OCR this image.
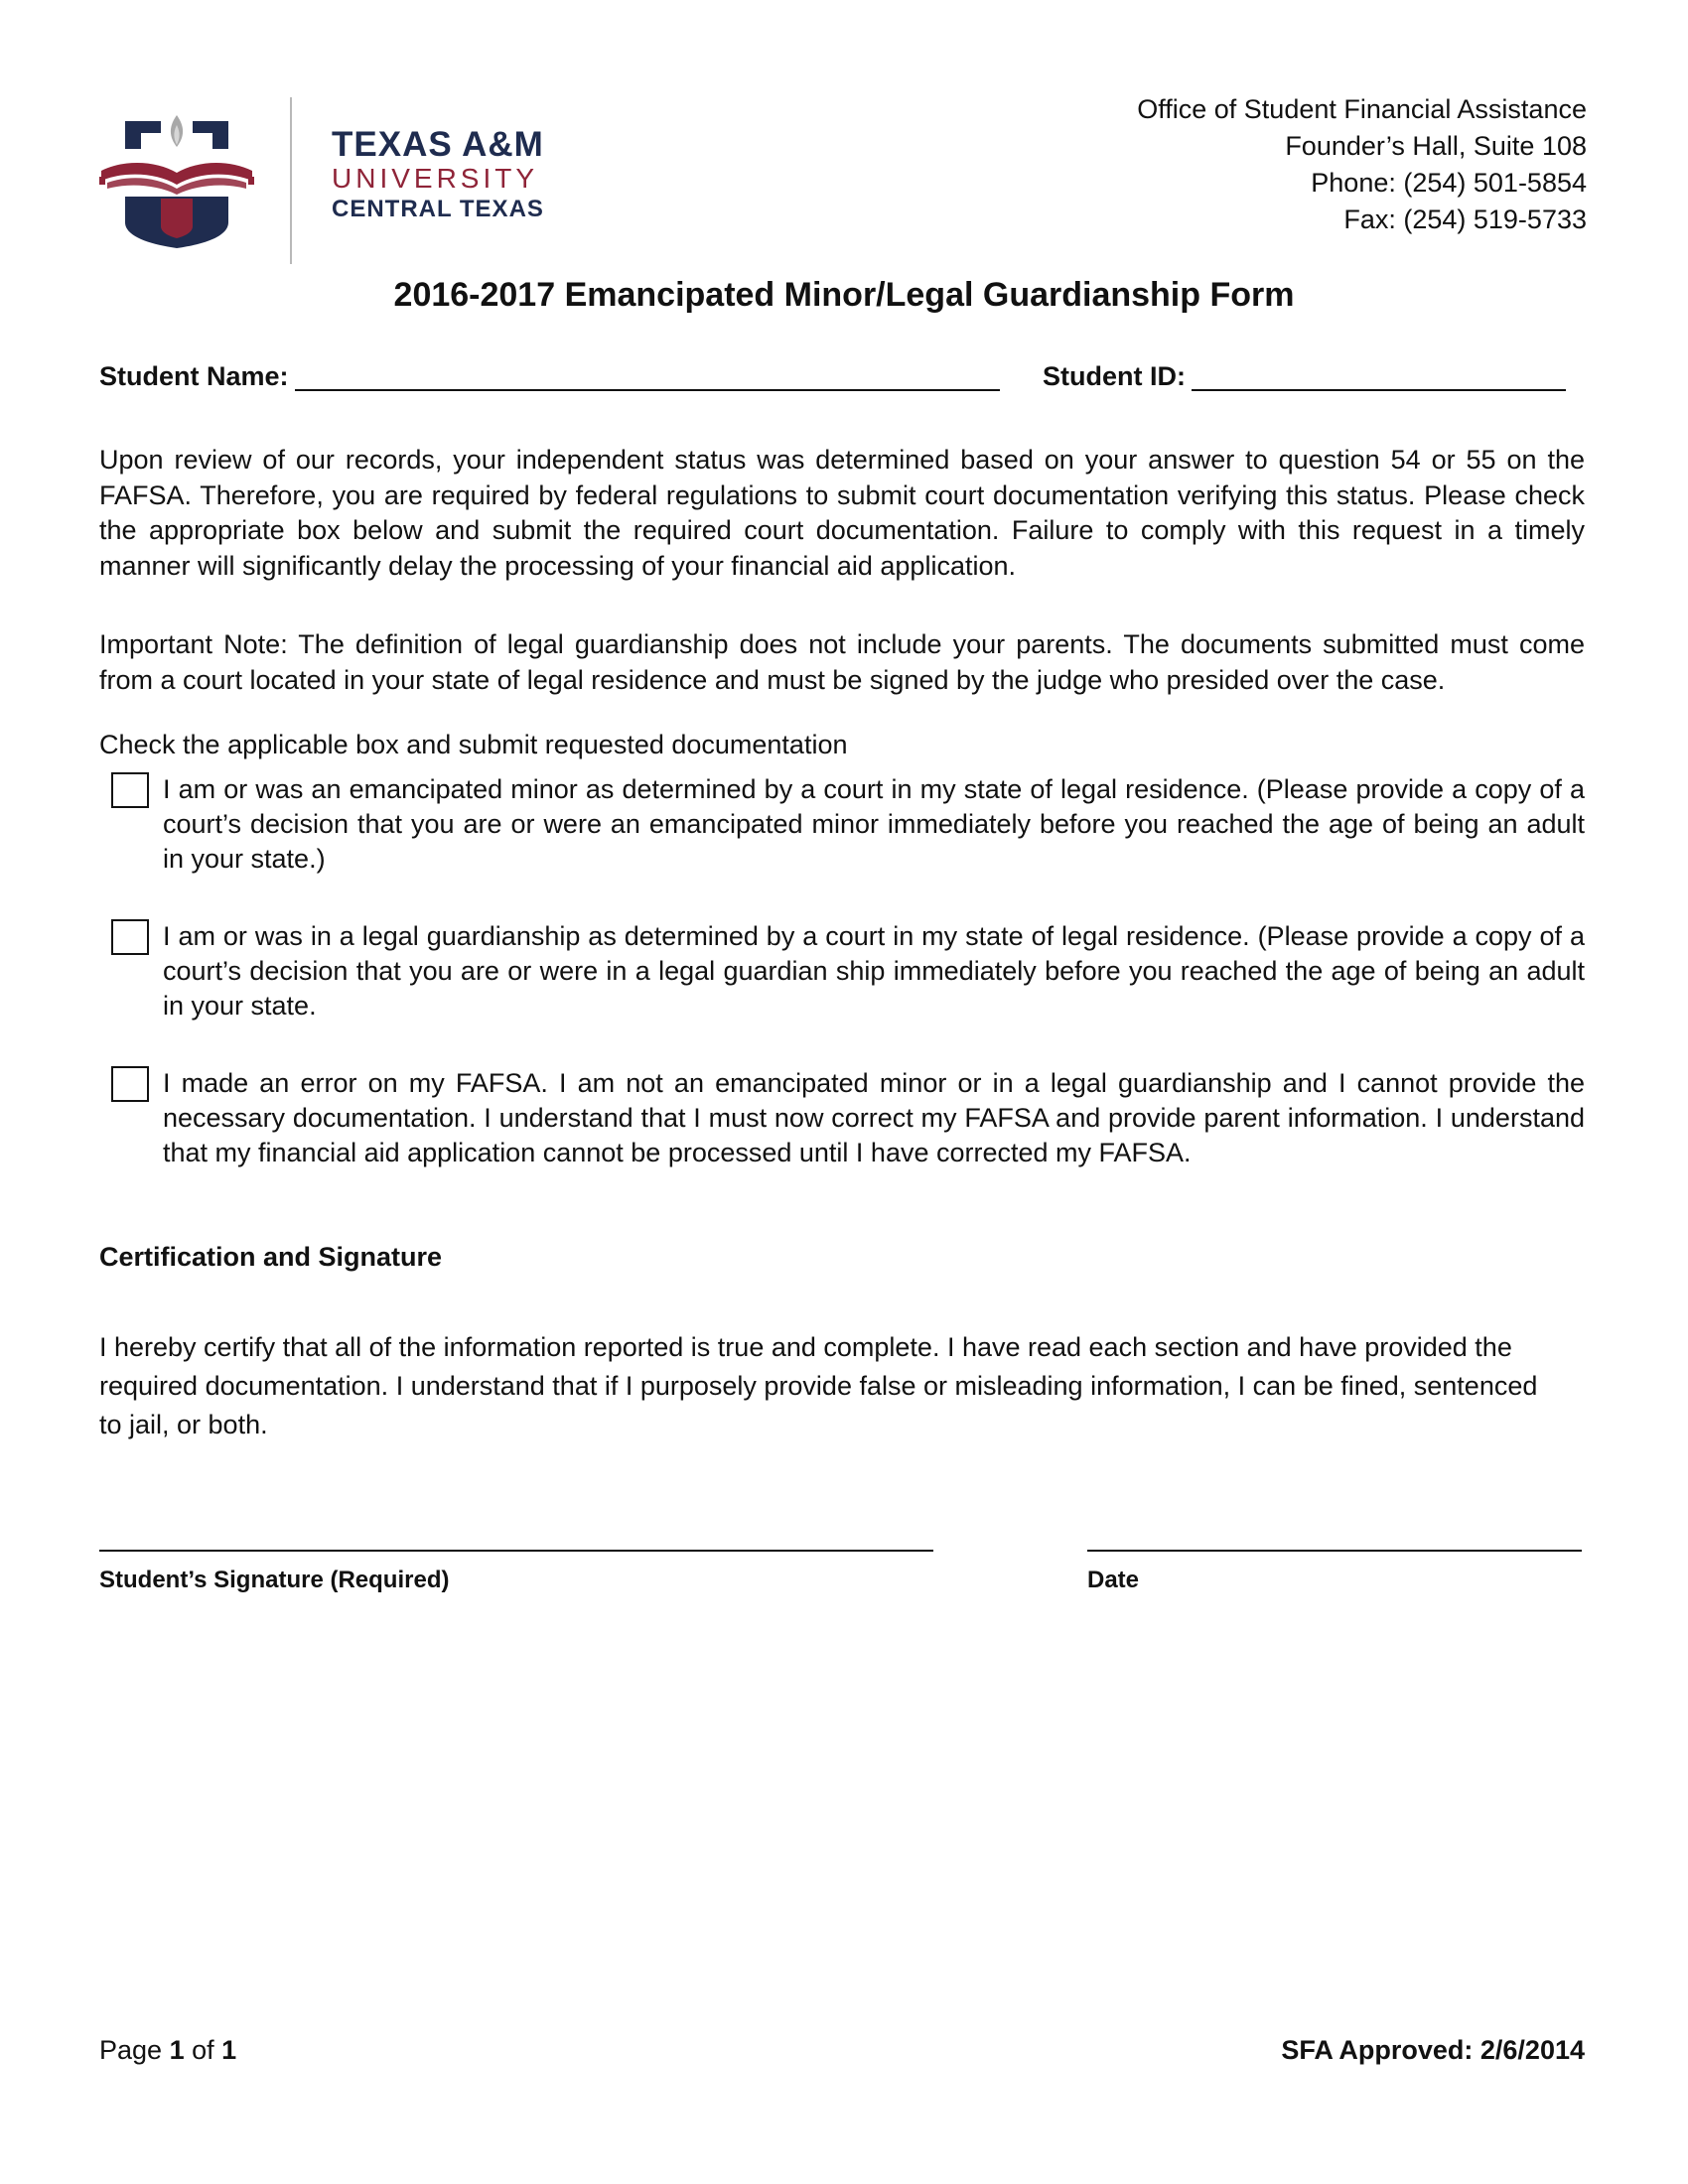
TEXAS A&M
UNIVERSITY
CENTRAL TEXAS
Office of Student Financial Assistance
Founder’s Hall, Suite 108
Phone: (254) 501-5854
Fax: (254) 519-5733
2016-2017 Emancipated Minor/Legal Guardianship Form
Student Name:	Student ID:
Upon review of our records, your independent status was determined based on your answer to question 54 or 55 on the FAFSA. Therefore, you are required by federal regulations to submit court documentation verifying this status. Please check the appropriate box below and submit the required court documentation. Failure to comply with this request in a timely manner will significantly delay the processing of your financial aid application.
Important Note: The definition of legal guardianship does not include your parents. The documents submitted must come from a court located in your state of legal residence and must be signed by the judge who presided over the case.
Check the applicable box and submit requested documentation
I am or was an emancipated minor as determined by a court in my state of legal residence. (Please provide a copy of a court’s decision that you are or were an emancipated minor immediately before you reached the age of being an adult in your state.)
I am or was in a legal guardianship as determined by a court in my state of legal residence. (Please provide a copy of a court’s decision that you are or were in a legal guardian ship immediately before you reached the age of being an adult in your state.
I made an error on my FAFSA. I am not an emancipated minor or in a legal guardianship and I cannot provide the necessary documentation. I understand that I must now correct my FAFSA and provide parent information. I understand that my financial aid application cannot be processed until I have corrected my FAFSA.
Certification and Signature
I hereby certify that all of the information reported is true and complete. I have read each section and have provided the required documentation. I understand that if I purposely provide false or misleading information, I can be fined, sentenced to jail, or both.
Student’s Signature (Required)	Date
Page 1 of 1	SFA Approved: 2/6/2014
